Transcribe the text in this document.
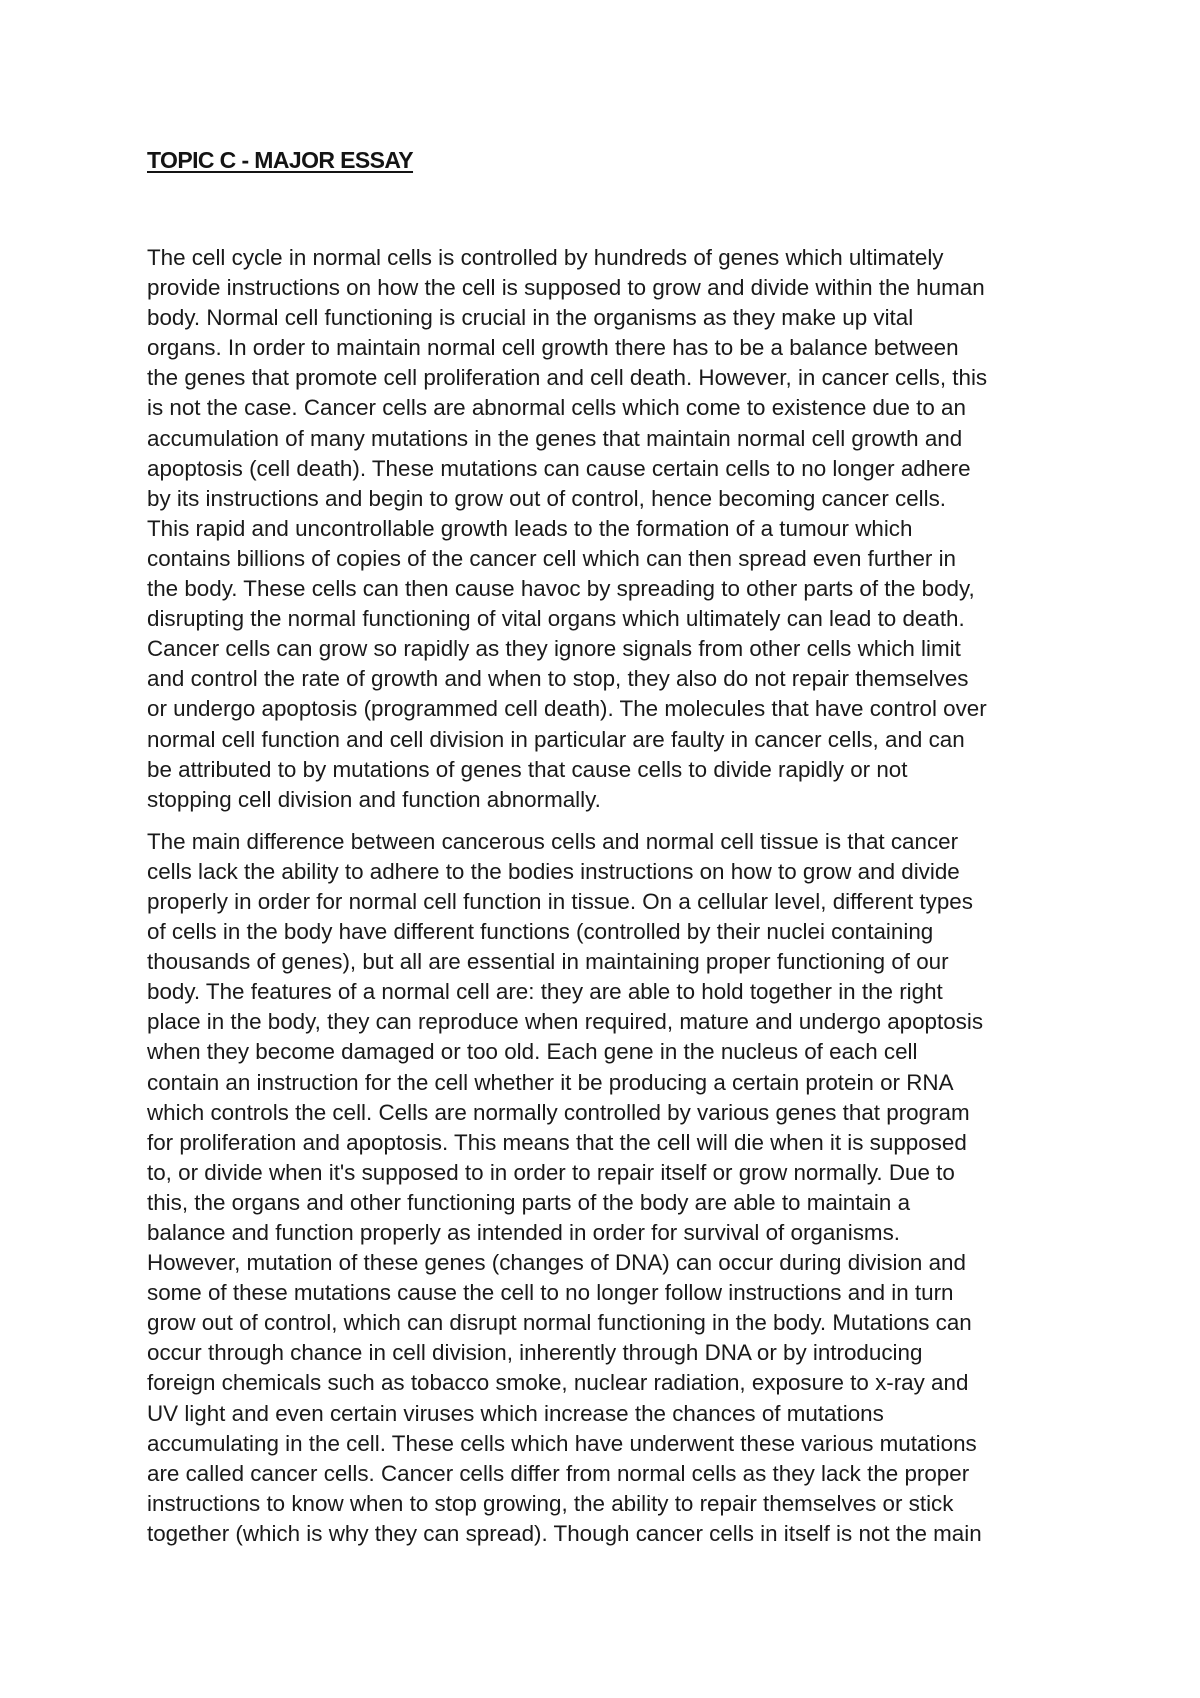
TOPIC C - MAJOR ESSAY

The cell cycle in normal cells is controlled by hundreds of genes which ultimately
provide instructions on how the cell is supposed to grow and divide within the human
body. Normal cell functioning is crucial in the organisms as they make up vital
organs. In order to maintain normal cell growth there has to be a balance between
the genes that promote cell proliferation and cell death. However, in cancer cells, this
is not the case. Cancer cells are abnormal cells which come to existence due to an
accumulation of many mutations in the genes that maintain normal cell growth and
apoptosis (cell death). These mutations can cause certain cells to no longer adhere
by its instructions and begin to grow out of control, hence becoming cancer cells.
This rapid and uncontrollable growth leads to the formation of a tumour which
contains billions of copies of the cancer cell which can then spread even further in
the body. These cells can then cause havoc by spreading to other parts of the body,
disrupting the normal functioning of vital organs which ultimately can lead to death.
Cancer cells can grow so rapidly as they ignore signals from other cells which limit
and control the rate of growth and when to stop, they also do not repair themselves
or undergo apoptosis (programmed cell death). The molecules that have control over
normal cell function and cell division in particular are faulty in cancer cells, and can
be attributed to by mutations of genes that cause cells to divide rapidly or not
stopping cell division and function abnormally.

The main difference between cancerous cells and normal cell tissue is that cancer
cells lack the ability to adhere to the bodies instructions on how to grow and divide
properly in order for normal cell function in tissue. On a cellular level, different types
of cells in the body have different functions (controlled by their nuclei containing
thousands of genes), but all are essential in maintaining proper functioning of our
body. The features of a normal cell are: they are able to hold together in the right
place in the body, they can reproduce when required, mature and undergo apoptosis
when they become damaged or too old. Each gene in the nucleus of each cell
contain an instruction for the cell whether it be producing a certain protein or RNA
which controls the cell. Cells are normally controlled by various genes that program
for proliferation and apoptosis. This means that the cell will die when it is supposed
to, or divide when it's supposed to in order to repair itself or grow normally. Due to
this, the organs and other functioning parts of the body are able to maintain a
balance and function properly as intended in order for survival of organisms.
However, mutation of these genes (changes of DNA) can occur during division and
some of these mutations cause the cell to no longer follow instructions and in turn
grow out of control, which can disrupt normal functioning in the body. Mutations can
occur through chance in cell division, inherently through DNA or by introducing
foreign chemicals such as tobacco smoke, nuclear radiation, exposure to x-ray and
UV light and even certain viruses which increase the chances of mutations
accumulating in the cell. These cells which have underwent these various mutations
are called cancer cells. Cancer cells differ from normal cells as they lack the proper
instructions to know when to stop growing, the ability to repair themselves or stick
together (which is why they can spread). Though cancer cells in itself is not the main
